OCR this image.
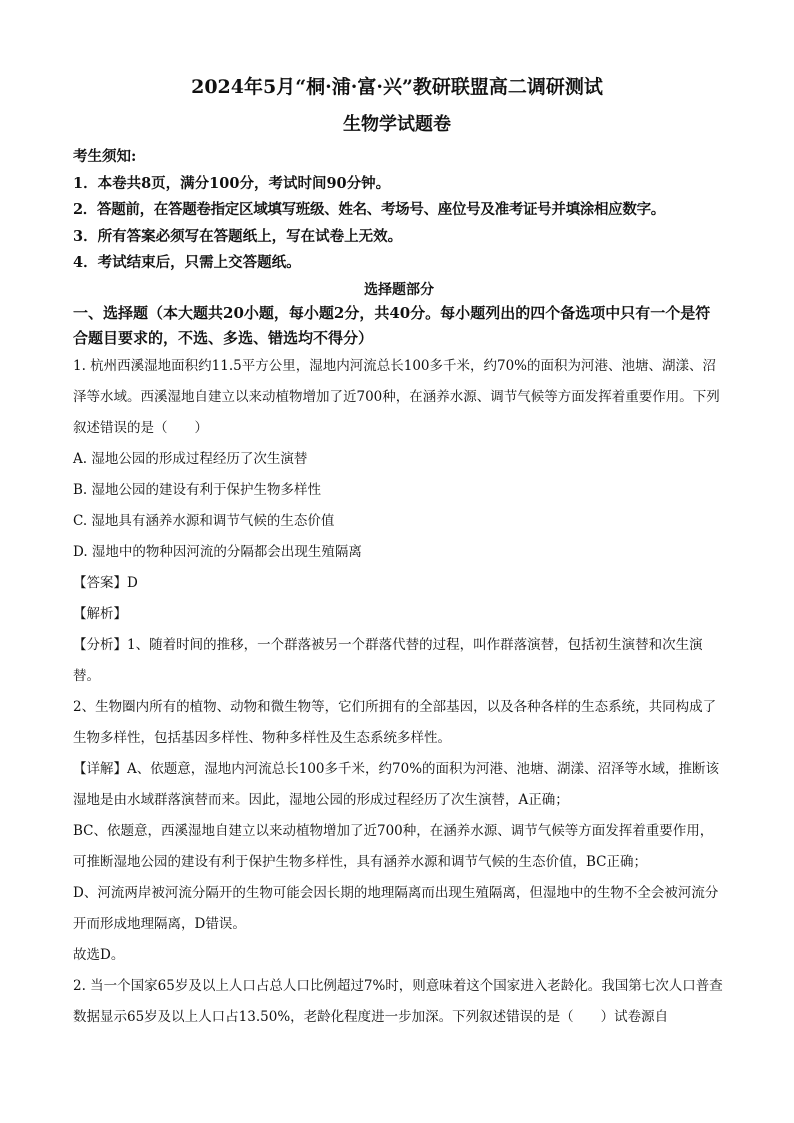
2024年5月“桐·浦·富·兴”教研联盟高二调研测试
生物学试题卷
考生须知:
1．本卷共8页，满分100分，考试时间90分钟。
2．答题前，在答题卷指定区域填写班级、姓名、考场号、座位号及准考证号并填涂相应数字。
3．所有答案必须写在答题纸上，写在试卷上无效。
4．考试结束后，只需上交答题纸。
选择题部分
一、选择题（本大题共20小题，每小题2分，共40分。每小题列出的四个备选项中只有一个是符合题目要求的，不选、多选、错选均不得分）
1. 杭州西溪湿地面积约11.5平方公里，湿地内河流总长100多千米，约70%的面积为河港、池塘、湖漾、沼泽等水域。西溪湿地自建立以来动植物增加了近700种，在涵养水源、调节气候等方面发挥着重要作用。下列叙述错误的是（　　）
A. 湿地公园的形成过程经历了次生演替
B. 湿地公园的建设有利于保护生物多样性
C. 湿地具有涵养水源和调节气候的生态价值
D. 湿地中的物种因河流的分隔都会出现生殖隔离
【答案】D
【解析】
【分析】1、随着时间的推移，一个群落被另一个群落代替的过程，叫作群落演替，包括初生演替和次生演替。
2、生物圈内所有的植物、动物和微生物等，它们所拥有的全部基因，以及各种各样的生态系统，共同构成了生物多样性，包括基因多样性、物种多样性及生态系统多样性。
【详解】A、依题意，湿地内河流总长100多千米，约70%的面积为河港、池塘、湖漾、沼泽等水域，推断该湿地是由水域群落演替而来。因此，湿地公园的形成过程经历了次生演替，A正确；
BC、依题意，西溪湿地自建立以来动植物增加了近700种，在涵养水源、调节气候等方面发挥着重要作用，可推断湿地公园的建设有利于保护生物多样性，具有涵养水源和调节气候的生态价值，BC正确；
D、河流两岸被河流分隔开的生物可能会因长期的地理隔离而出现生殖隔离，但湿地中的生物不全会被河流分开而形成地理隔离，D错误。
故选D。
2. 当一个国家65岁及以上人口占总人口比例超过7%时，则意味着这个国家进入老龄化。我国第七次人口普查数据显示65岁及以上人口占13.50%，老龄化程度进一步加深。下列叙述错误的是（　　）试卷源自
